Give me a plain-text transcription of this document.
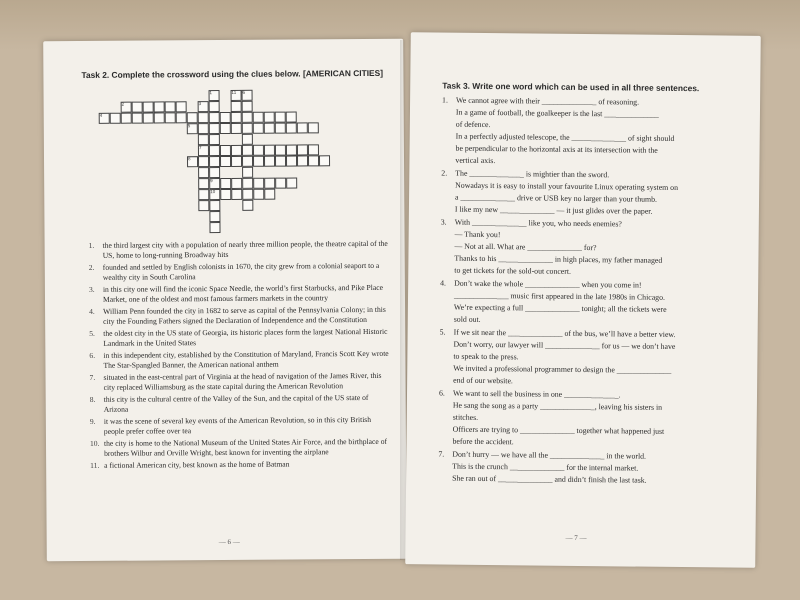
Task 2. Complete the crossword using the clues below. [AMERICAN CITIES]
1
2	3
4
5
6
7
8
9
10
11
1. the third largest city with a population of nearly three million people, the theatre capital of the US, home to long-running Broadway hits
2. founded and settled by English colonists in 1670, the city grew from a colonial seaport to a wealthy city in South Carolina
3. in this city one will find the iconic Space Needle, the world’s first Starbucks, and Pike Place Market, one of the oldest and most famous farmers markets in the country
4. William Penn founded the city in 1682 to serve as capital of the Pennsylvania Colony; in this city the Founding Fathers signed the Declaration of Independence and the Constitution
5. the oldest city in the US state of Georgia, its historic places form the largest National Historic Landmark in the United States
6. in this independent city, established by the Constitution of Maryland, Francis Scott Key wrote The Star-Spangled Banner, the American national anthem
7. situated in the east-central part of Virginia at the head of navigation of the James River, this city replaced Williamsburg as the state capital during the American Revolution
8. this city is the cultural centre of the Valley of the Sun, and the capital of the US state of Arizona
9. it was the scene of several key events of the American Revolution, so in this city British people prefer coffee over tea
10. the city is home to the National Museum of the United States Air Force, and the birthplace of brothers Wilbur and Orville Wright, best known for inventing the airplane
11. a fictional American city, best known as the home of Batman
— 6 —
Task 3. Write one word which can be used in all three sentences.
1. We cannot agree with their ______________ of reasoning.
In a game of football, the goalkeeper is the last ______________
of defence.
In a perfectly adjusted telescope, the ______________ of sight should
be perpendicular to the horizontal axis at its intersection with the
vertical axis.
2. The ______________ is mightier than the sword.
Nowadays it is easy to install your favourite Linux operating system on
a ______________ drive or USB key no larger than your thumb.
I like my new ______________ — it just glides over the paper.
3. With ______________ like you, who needs enemies?
— Thank you!
— Not at all. What are ______________ for?
Thanks to his ______________ in high places, my father managed
to get tickets for the sold-out concert.
4. Don’t wake the whole ______________ when you come in!
______________ music first appeared in the late 1980s in Chicago.
We’re expecting a full ______________ tonight; all the tickets were
sold out.
5. If we sit near the ______________ of the bus, we’ll have a better view.
Don’t worry, our lawyer will ______________ for us — we don’t have
to speak to the press.
We invited a professional programmer to design the ______________
end of our website.
6. We want to sell the business in one ______________.
He sang the song as a party ______________, leaving his sisters in
stitches.
Officers are trying to ______________ together what happened just
before the accident.
7. Don’t hurry — we have all the ______________ in the world.
This is the crunch ______________ for the internal market.
She ran out of ______________ and didn’t finish the last task.
— 7 —
